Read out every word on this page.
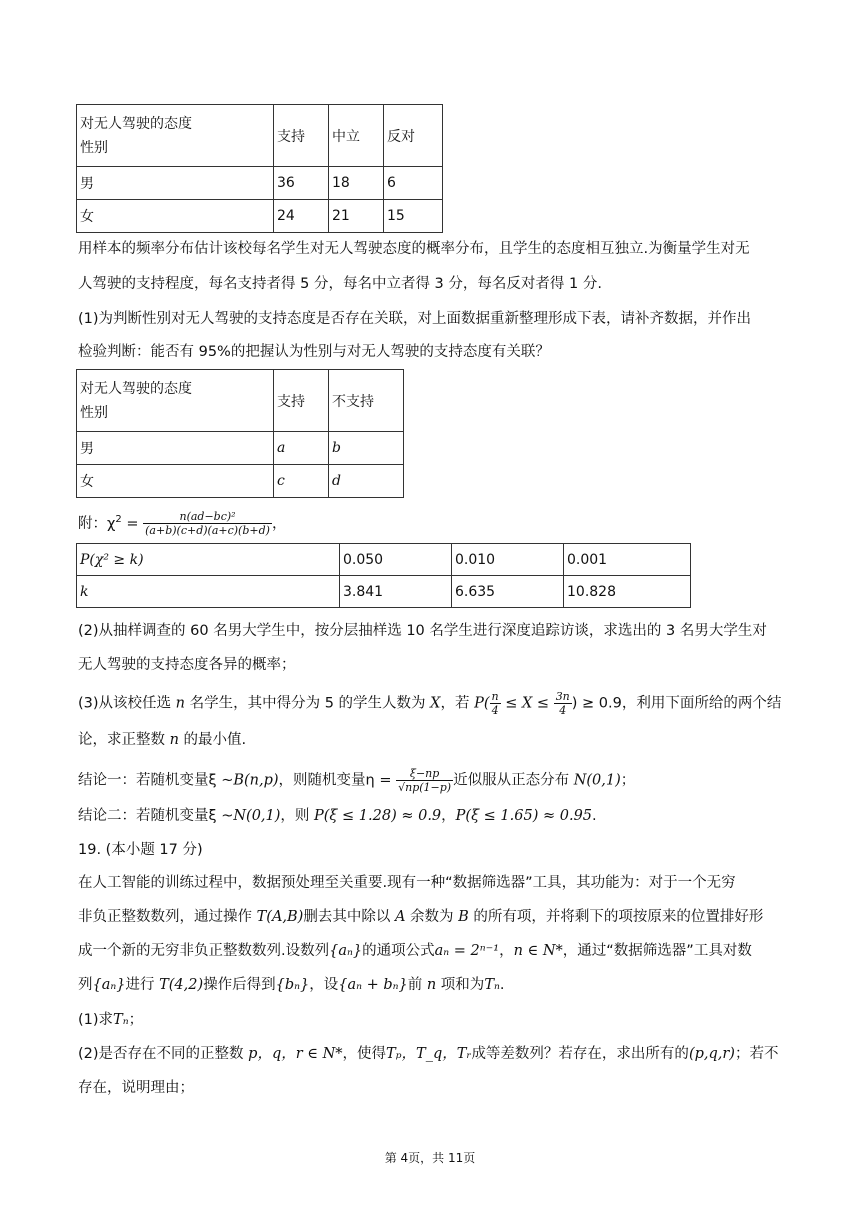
对无人驾驶的态度
性别	支持	中立	反对
男	36	18	6
女	24	21	15
用样本的频率分布估计该校每名学生对无人驾驶态度的概率分布，且学生的态度相互独立.为衡量学生对无
人驾驶的支持程度，每名支持者得 5 分，每名中立者得 3 分，每名反对者得 1 分.
(1)为判断性别对无人驾驶的支持态度是否存在关联，对上面数据重新整理形成下表，请补齐数据，并作出
检验判断：能否有 95%的把握认为性别与对无人驾驶的支持态度有关联？
对无人驾驶的态度
性别	支持	不支持
男	a	b
女	c	d
附：$\chi^2 = \frac{\text{n(ad−bc)²}}{(a+b)(c+d)(a+c)(b+d)}$ ，
P(χ² ≥ k)	0.050	0.010	0.001
k	3.841	6.635	10.828
(2)从抽样调查的 60 名男大学生中，按分层抽样选 10 名学生进行深度追踪访谈，求选出的 3 名男大学生对
无人驾驶的支持态度各异的概率；
(3)从该校任选 n 名学生，其中得分为 5 的学生人数为 X，若 $P( \frac{n}{4} \le X \le \frac{3n}{4}$ ) ≥ 0.9，利用下面所给的两个结
论，求正整数 n 的最小值.
结论一：若随机变量ξ ~B(n,p)，则随机变量$\eta = \frac{\xi-np}{√np(1-p)}$ 近似服从正态分布 N(0,1)；
结论二：若随机变量ξ ~N(0,1)，则 P(ξ ≤ 1.28) ≈ 0.9，P(ξ ≤ 1.65) ≈ 0.95.
19. (本小题 17 分)
在人工智能的训练过程中，数据预处理至关重要.现有一种“数据筛选器”工具，其功能为：对于一个无穷
非负正整数数列，通过操作 T(A,B)删去其中除以 A 余数为 B 的所有项，并将剩下的项按原来的位置排好形
成一个新的无穷非负正整数数列.设数列{aₙ}的通项公式aₙ = 2ⁿ⁻¹，n ∈ N*，通过“数据筛选器”工具对数
列{aₙ}进行 T(4,2)操作后得到{bₙ}，设{aₙ + bₙ}前 n 项和为Tₙ.
(1)求Tₙ；
(2)是否存在不同的正整数 p，q，r ∈ N*，使得Tₚ，T_q，Tᵣ成等差数列？若存在，求出所有的(p,q,r)；若不
存在，说明理由；
第 4页，共 11页
